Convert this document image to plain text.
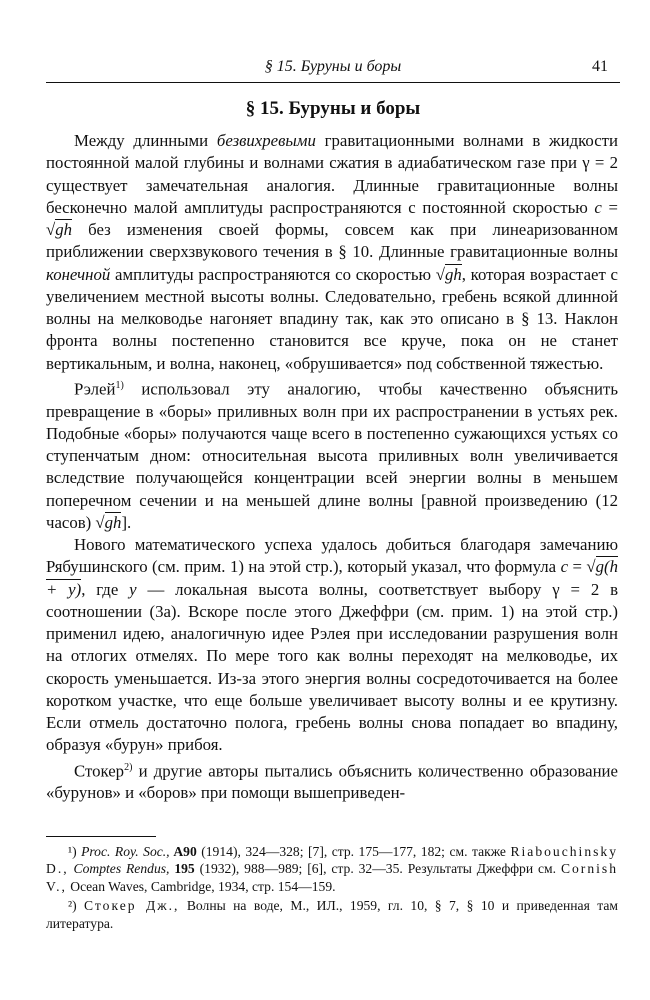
§ 15. Буруны и боры	41
§ 15. Буруны и боры

Между длинными безвихревыми гравитационными волнами в жидкости постоянной малой глубины и волнами сжатия в адиабатическом газе при γ = 2 существует замечательная аналогия. Длинные гравитационные волны бесконечно малой амплитуды распространяются с постоянной скоростью c = √gh без изменения своей формы, совсем как при линеаризованном приближении сверхзвукового течения в § 10. Длинные гравитационные волны конечной амплитуды распространяются со скоростью √gh, которая возрастает с увеличением местной высоты волны. Следовательно, гребень всякой длинной волны на мелководье нагоняет впадину так, как это описано в § 13. Наклон фронта волны постепенно становится все круче, пока он не станет вертикальным, и волна, наконец, «обрушивается» под собственной тяжестью.

Рэлей$^{1)}$ использовал эту аналогию, чтобы качественно объяснить превращение в «боры» приливных волн при их распространении в устьях рек. Подобные «боры» получаются чаще всего в постепенно сужающихся устьях со ступенчатым дном: относительная высота приливных волн увеличивается вследствие получающейся концентрации всей энергии волны в меньшем поперечном сечении и на меньшей длине волны [равной произведению (12 часов) √gh].

Нового математического успеха удалось добиться благодаря замечанию Рябушинского (см. прим. 1) на этой стр.), который указал, что формула c = √g(h + y), где y — локальная высота волны, соответствует выбору γ = 2 в соотношении (3а). Вскоре после этого Джеффри (см. прим. 1) на этой стр.) применил идею, аналогичную идее Рэлея при исследовании разрушения волн на отлогих отмелях. По мере того как волны переходят на мелководье, их скорость уменьшается. Из-за этого энергия волны сосредоточивается на более коротком участке, что еще больше увеличивает высоту волны и ее крутизну. Если отмель достаточно полога, гребень волны снова попадает во впадину, образуя «бурун» прибоя.

Стокер$^{2)}$ и другие авторы пытались объяснить количественно образование «бурунов» и «боров» при помощи вышеприведен-

¹) Proc. Roy. Soc., A90 (1914), 324—328; [7], стр. 175—177, 182; см. также Riabouchinsky D., Comptes Rendus, 195 (1932), 988—989; [6], стр. 32—35. Результаты Джеффри см. Cornish V., Ocean Waves, Cambridge, 1934, стр. 154—159.

²) Стокер Дж., Волны на воде, М., ИЛ., 1959, гл. 10, § 7, § 10 и приведенная там литература.
